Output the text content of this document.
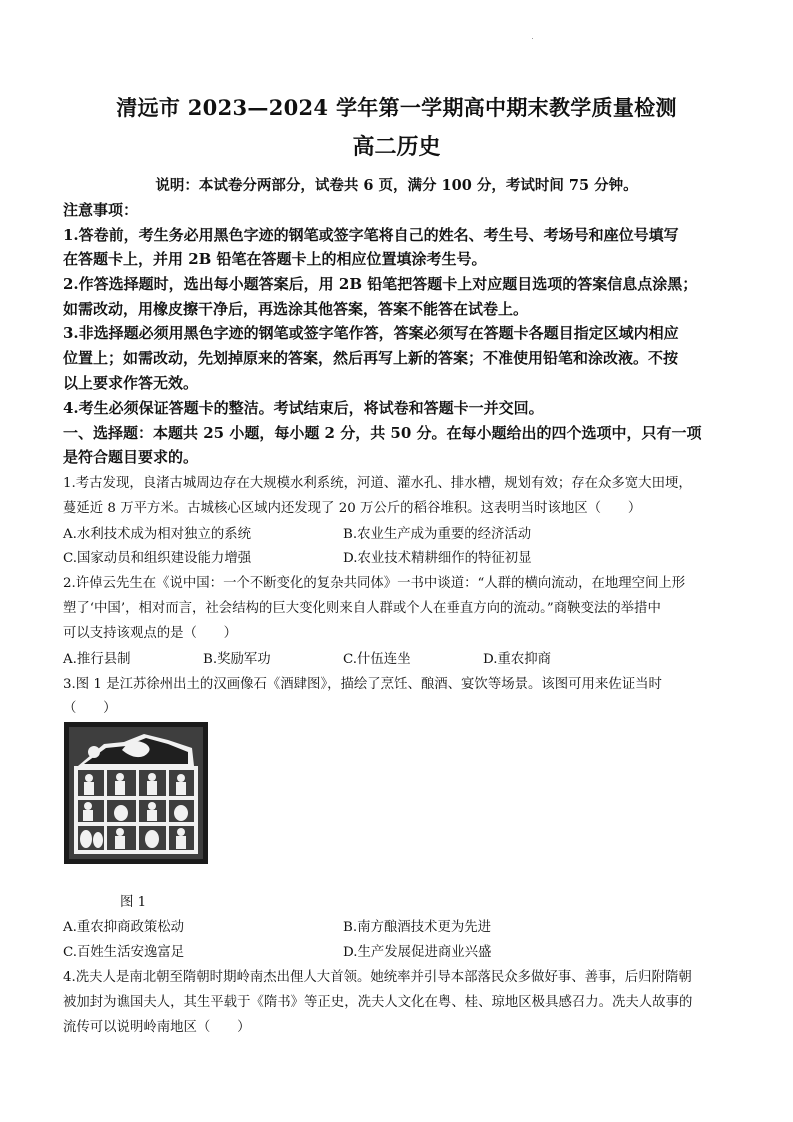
清远市 2023—2024 学年第一学期高中期末教学质量检测
高二历史
说明：本试卷分两部分，试卷共 6 页，满分 100 分，考试时间 75 分钟。
注意事项：
1.答卷前，考生务必用黑色字迹的钢笔或签字笔将自己的姓名、考生号、考场号和座位号填写
在答题卡上，并用 2B 铅笔在答题卡上的相应位置填涂考生号。
2.作答选择题时，选出每小题答案后，用 2B 铅笔把答题卡上对应题目选项的答案信息点涂黑；
如需改动，用橡皮擦干净后，再选涂其他答案，答案不能答在试卷上。
3.非选择题必须用黑色字迹的钢笔或签字笔作答，答案必须写在答题卡各题目指定区域内相应
位置上；如需改动，先划掉原来的答案，然后再写上新的答案；不准使用铅笔和涂改液。不按
以上要求作答无效。
4.考生必须保证答题卡的整洁。考试结束后，将试卷和答题卡一并交回。
一、选择题：本题共 25 小题，每小题 2 分，共 50 分。在每小题给出的四个选项中，只有一项
是符合题目要求的。
1.考古发现，良渚古城周边存在大规模水利系统，河道、灌水孔、排水槽，规划有效；存在众多宽大田埂，
蔓延近 8 万平方米。古城核心区域内还发现了 20 万公斤的稻谷堆积。这表明当时该地区（　　）
A.水利技术成为相对独立的系统	B.农业生产成为重要的经济活动
C.国家动员和组织建设能力增强	D.农业技术精耕细作的特征初显
2.许倬云先生在《说中国：一个不断变化的复杂共同体》一书中谈道：“人群的横向流动，在地理空间上形
塑了‘中国’，相对而言，社会结构的巨大变化则来自人群或个人在垂直方向的流动。”商鞅变法的举措中
可以支持该观点的是（　　）
A.推行县制	B.奖励军功	C.什伍连坐	D.重农抑商
3.图 1 是江苏徐州出土的汉画像石《酒肆图》，描绘了烹饪、酿酒、宴饮等场景。该图可用来佐证当时
（　　）
图 1
A.重农抑商政策松动	B.南方酿酒技术更为先进
C.百姓生活安逸富足	D.生产发展促进商业兴盛
4.冼夫人是南北朝至隋朝时期岭南杰出俚人大首领。她统率并引导本部落民众多做好事、善事，后归附隋朝
被加封为谯国夫人，其生平载于《隋书》等正史，冼夫人文化在粤、桂、琼地区极具感召力。冼夫人故事的
流传可以说明岭南地区（　　）
